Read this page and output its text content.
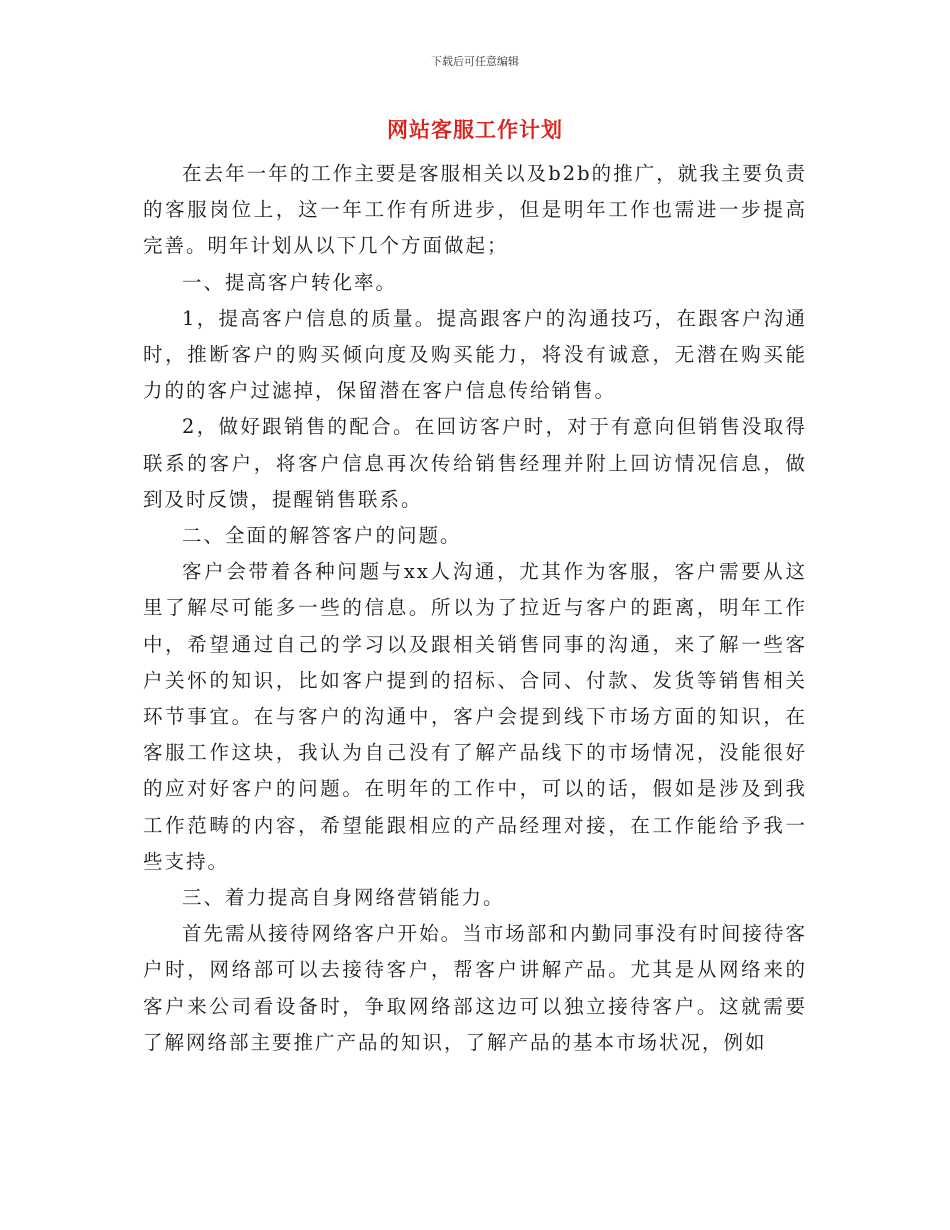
下载后可任意编辑
网站客服工作计划

在去年一年的工作主要是客服相关以及b2b的推广，就我主要负责的客服岗位上，这一年工作有所进步，但是明年工作也需进一步提高完善。明年计划从以下几个方面做起；

一、提高客户转化率。

1，提高客户信息的质量。提高跟客户的沟通技巧，在跟客户沟通时，推断客户的购买倾向度及购买能力，将没有诚意，无潜在购买能力的的客户过滤掉，保留潜在客户信息传给销售。

2，做好跟销售的配合。在回访客户时，对于有意向但销售没取得联系的客户，将客户信息再次传给销售经理并附上回访情况信息，做到及时反馈，提醒销售联系。

二、全面的解答客户的问题。

客户会带着各种问题与xx人沟通，尤其作为客服，客户需要从这里了解尽可能多一些的信息。所以为了拉近与客户的距离，明年工作中，希望通过自己的学习以及跟相关销售同事的沟通，来了解一些客户关怀的知识，比如客户提到的招标、合同、付款、发货等销售相关环节事宜。在与客户的沟通中，客户会提到线下市场方面的知识，在客服工作这块，我认为自己没有了解产品线下的市场情况，没能很好的应对好客户的问题。在明年的工作中，可以的话，假如是涉及到我工作范畴的内容，希望能跟相应的产品经理对接，在工作能给予我一些支持。

三、着力提高自身网络营销能力。

首先需从接待网络客户开始。当市场部和内勤同事没有时间接待客户时，网络部可以去接待客户，帮客户讲解产品。尤其是从网络来的客户来公司看设备时，争取网络部这边可以独立接待客户。这就需要了解网络部主要推广产品的知识，了解产品的基本市场状况，例如
